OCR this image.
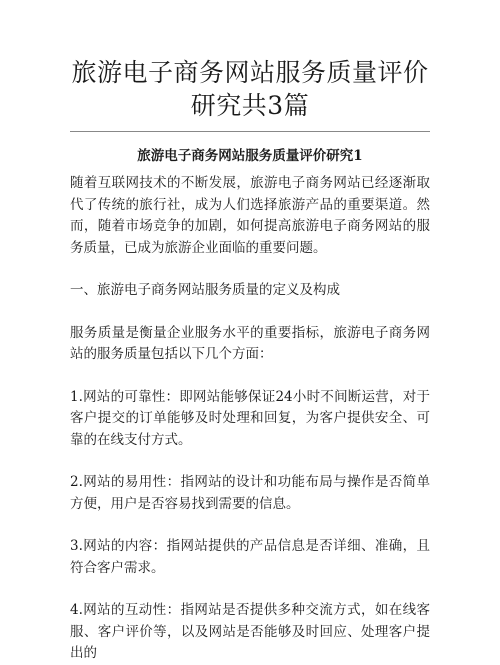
旅游电子商务网站服务质量评价研究共3篇
旅游电子商务网站服务质量评价研究1

随着互联网技术的不断发展，旅游电子商务网站已经逐渐取代了传统的旅行社，成为人们选择旅游产品的重要渠道。然而，随着市场竞争的加剧，如何提高旅游电子商务网站的服务质量，已成为旅游企业面临的重要问题。

一、旅游电子商务网站服务质量的定义及构成

服务质量是衡量企业服务水平的重要指标，旅游电子商务网站的服务质量包括以下几个方面：

1.网站的可靠性：即网站能够保证24小时不间断运营，对于客户提交的订单能够及时处理和回复，为客户提供安全、可靠的在线支付方式。

2.网站的易用性：指网站的设计和功能布局与操作是否简单方便，用户是否容易找到需要的信息。

3.网站的内容：指网站提供的产品信息是否详细、准确，且符合客户需求。

4.网站的互动性：指网站是否提供多种交流方式，如在线客服、客户评价等，以及网站是否能够及时回应、处理客户提出的
